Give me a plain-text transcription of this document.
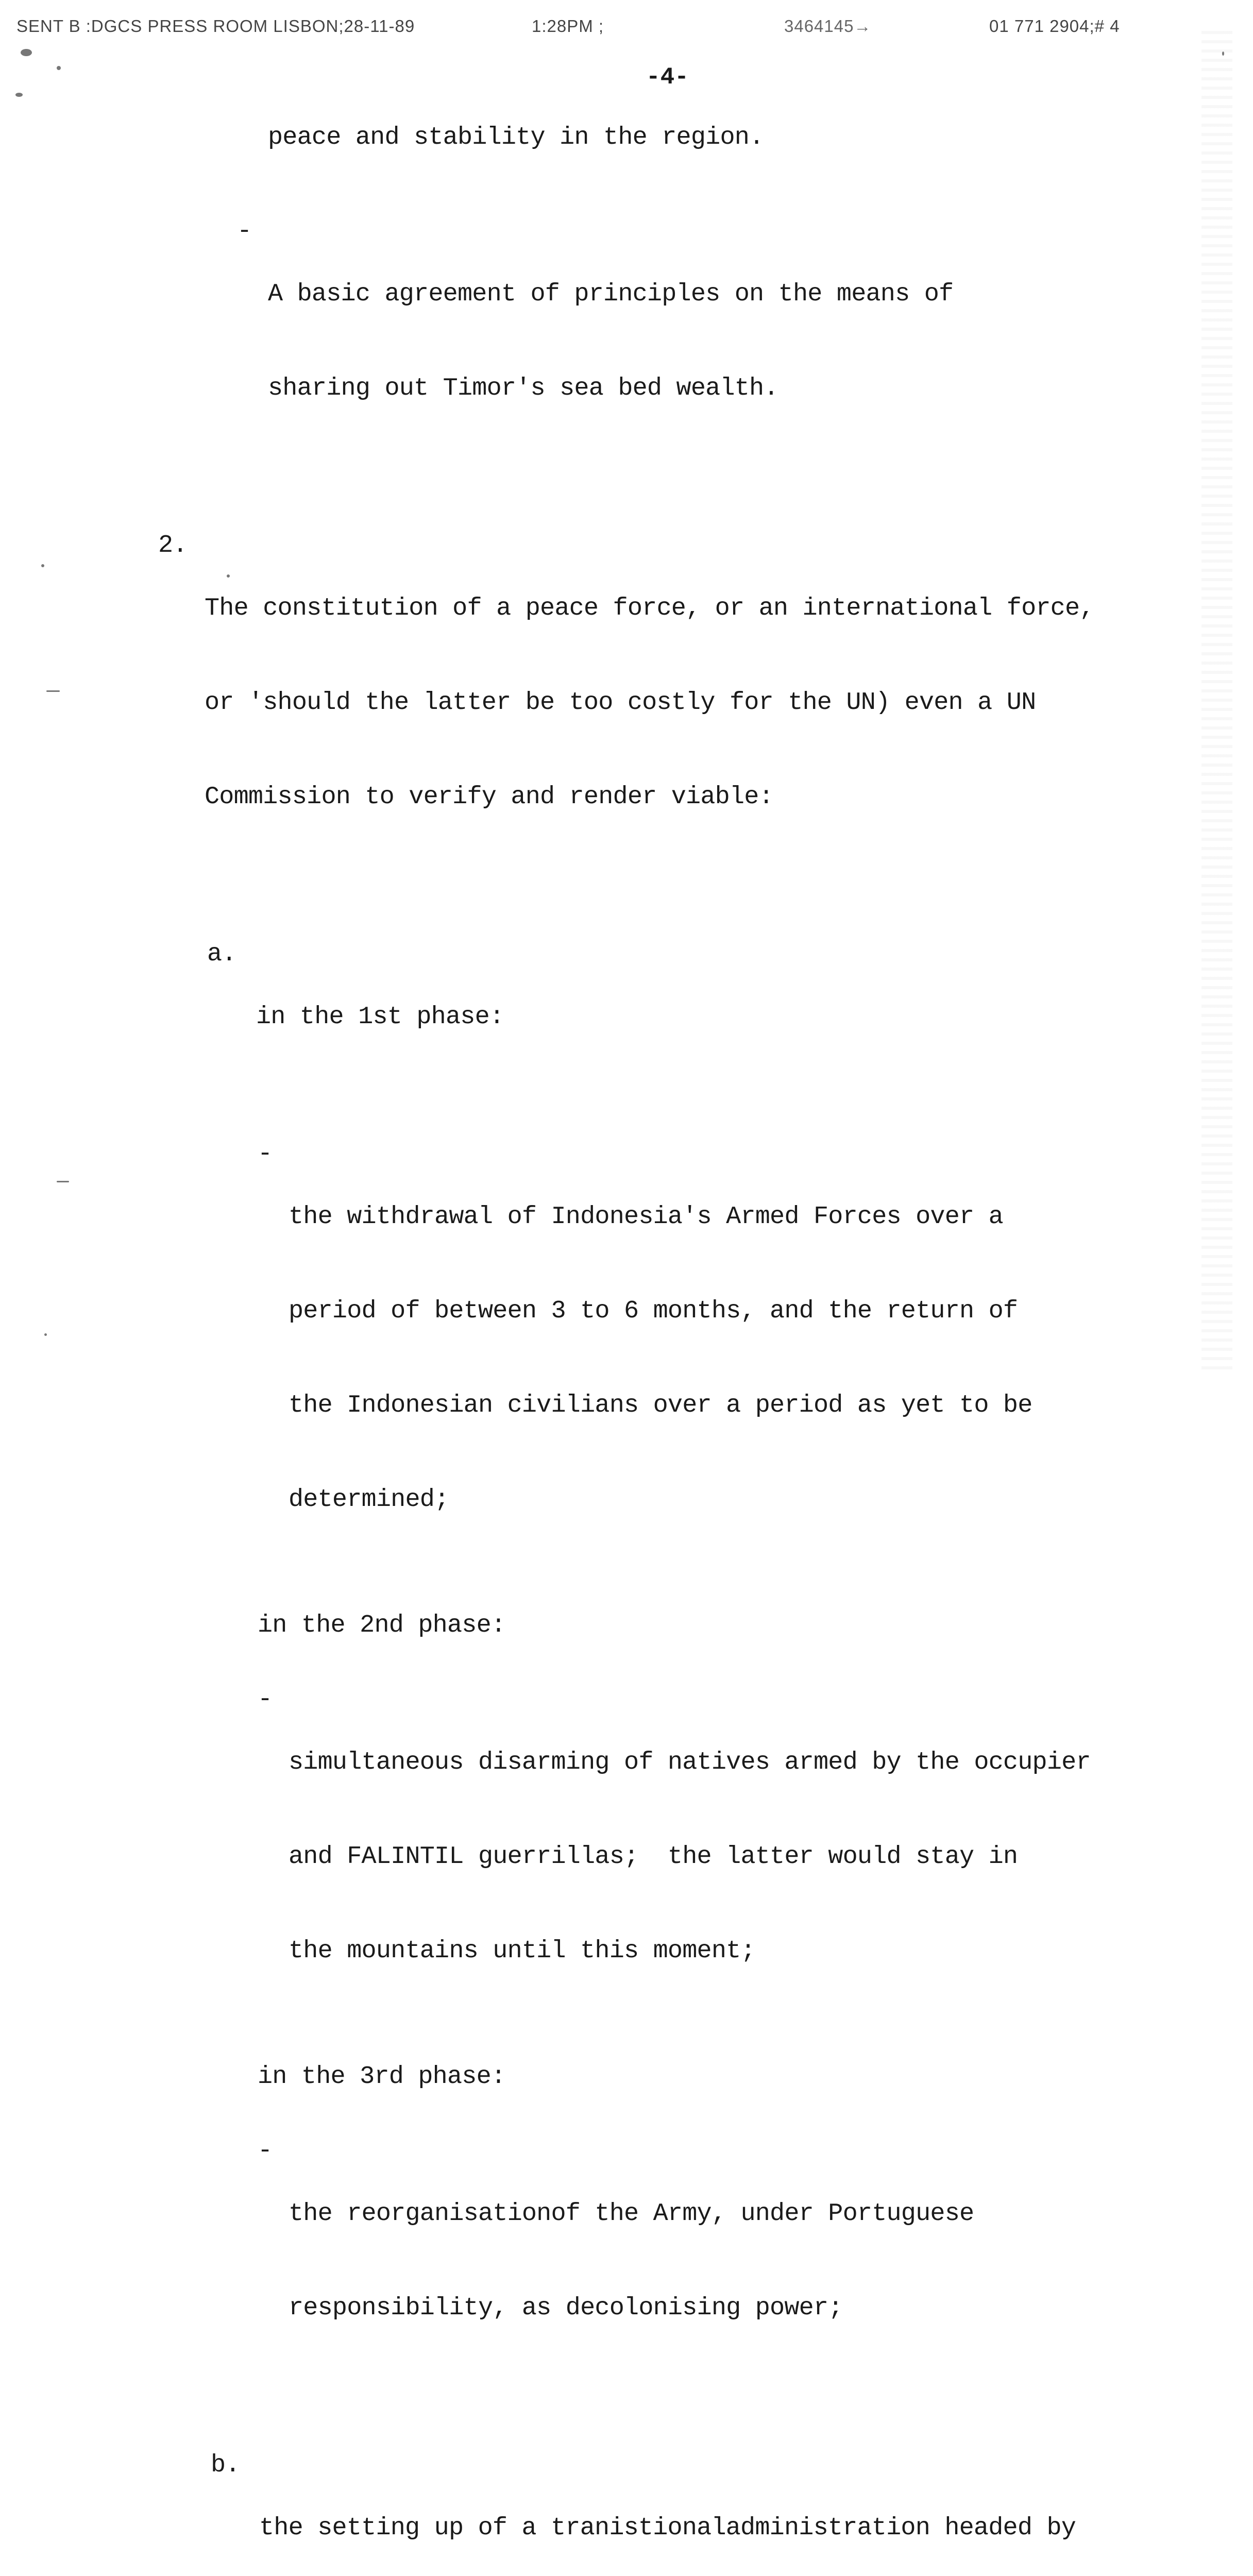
SENT B :DGCS PRESS ROOM LISBON;28-11-89	1:28PM ;	3464145→	01 771 2904;# 4
-4-

peace and stability in the region.

-

A basic agreement of principles on the means of

sharing out Timor's sea bed wealth.

2.

The constitution of a peace force, or an international force,

or 'should the latter be too costly for the UN) even a UN

Commission to verify and render viable:

a.

in the 1st phase:

-

the withdrawal of Indonesia's Armed Forces over a

period of between 3 to 6 months, and the return of

the Indonesian civilians over a period as yet to be

determined;

in the 2nd phase:

-

simultaneous disarming of natives armed by the occupier

and FALINTIL guerrillas;  the latter would stay in

the mountains until this moment;

in the 3rd phase:

-

the reorganisationof the Army, under Portuguese

responsibility, as decolonising power;

b.

the setting up of a tranistionaladministration headed by
